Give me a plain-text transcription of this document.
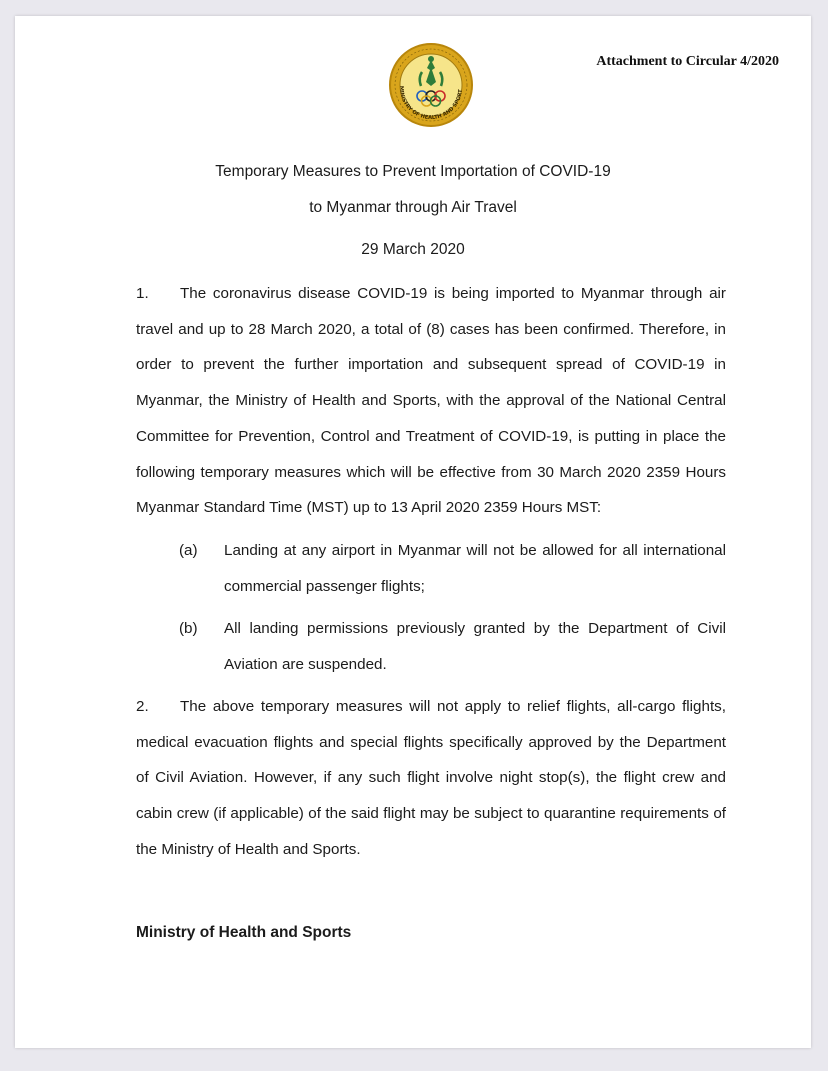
MINISTRY OF HEALTH AND SPORT
Attachment to Circular 4/2020
Temporary Measures to Prevent Importation of COVID-19
to Myanmar through Air Travel
29 March 2020

1. The coronavirus disease COVID-19 is being imported to Myanmar through air travel and up to 28 March 2020, a total of (8) cases has been confirmed. Therefore, in order to prevent the further importation and subsequent spread of COVID-19 in Myanmar, the Ministry of Health and Sports, with the approval of the National Central Committee for Prevention, Control and Treatment of COVID-19, is putting in place the following temporary measures which will be effective from 30 March 2020 2359 Hours Myanmar Standard Time (MST) up to 13 April 2020 2359 Hours MST:

(a) Landing at any airport in Myanmar will not be allowed for all international commercial passenger flights;
(b) All landing permissions previously granted by the Department of Civil Aviation are suspended.

2. The above temporary measures will not apply to relief flights, all-cargo flights, medical evacuation flights and special flights specifically approved by the Department of Civil Aviation. However, if any such flight involve night stop(s), the flight crew and cabin crew (if applicable) of the said flight may be subject to quarantine requirements of the Ministry of Health and Sports.

Ministry of Health and Sports
